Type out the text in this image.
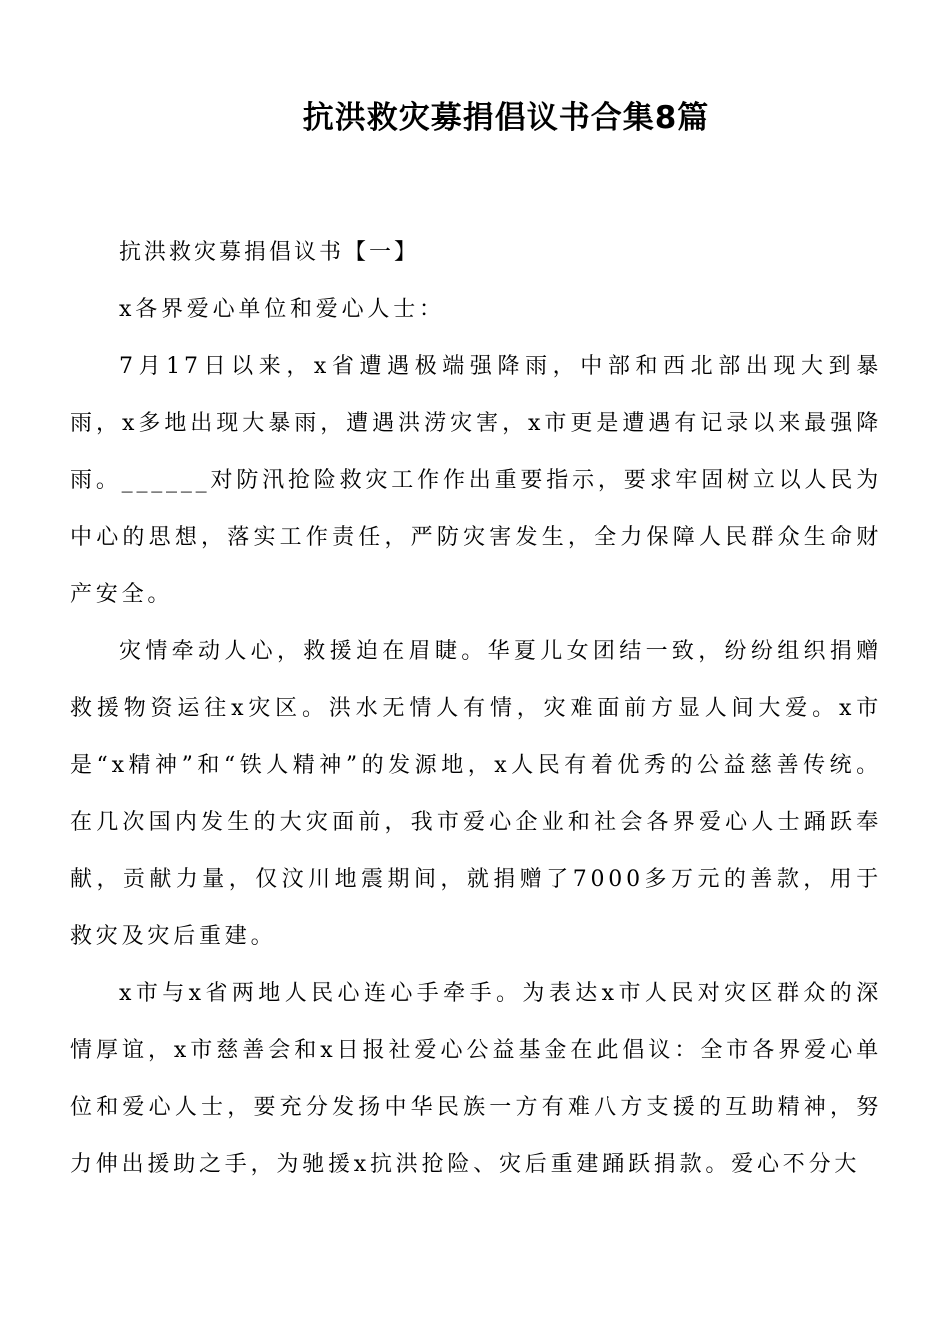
抗洪救灾募捐倡议书合集8篇

抗洪救灾募捐倡议书【一】

x各界爱心单位和爱心人士：

7月17日以来，x省遭遇极端强降雨，中部和西北部出现大到暴雨，x多地出现大暴雨，遭遇洪涝灾害，x市更是遭遇有记录以来最强降雨。______对防汛抢险救灾工作作出重要指示，要求牢固树立以人民为中心的思想，落实工作责任，严防灾害发生，全力保障人民群众生命财产安全。

灾情牵动人心，救援迫在眉睫。华夏儿女团结一致，纷纷组织捐赠救援物资运往x灾区。洪水无情人有情，灾难面前方显人间大爱。x市是“x精神”和“铁人精神”的发源地，x人民有着优秀的公益慈善传统。在几次国内发生的大灾面前，我市爱心企业和社会各界爱心人士踊跃奉献，贡献力量，仅汶川地震期间，就捐赠了7000多万元的善款，用于救灾及灾后重建。

x市与x省两地人民心连心手牵手。为表达x市人民对灾区群众的深情厚谊，x市慈善会和x日报社爱心公益基金在此倡议：全市各界爱心单位和爱心人士，要充分发扬中华民族一方有难八方支援的互助精神，努力伸出援助之手，为驰援x抗洪抢险、灾后重建踊跃捐款。爱心不分大
